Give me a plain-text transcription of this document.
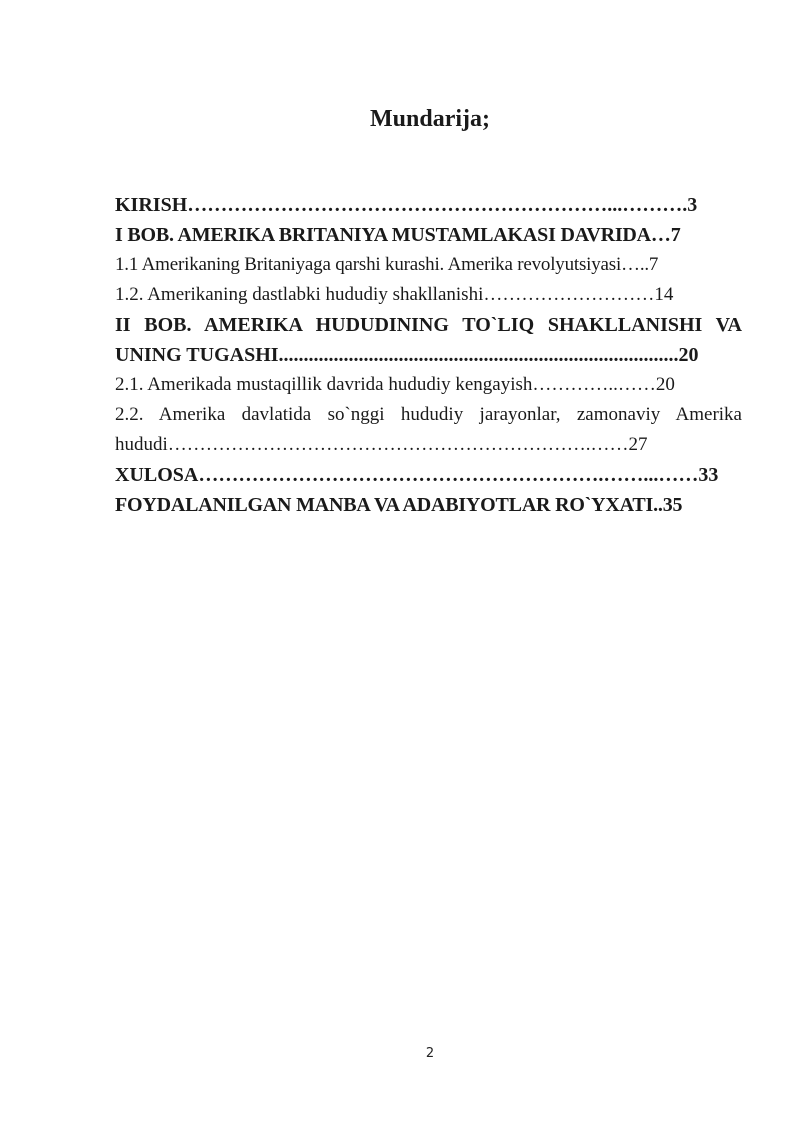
Mundarija;
KIRISH………………………………………………………...……….3
I BOB. AMERIKA BRITANIYA MUSTAMLAKASI DAVRIDA…7
1.1 Amerikaning Britaniyaga qarshi kurashi. Amerika revolyutsiyasi…..7
1.2. Amerikaning dastlabki hududiy shakllanishi………………………14
II BOB. AMERIKA HUDUDINING TO`LIQ SHAKLLANISHI VA
UNING TUGASHI................................................................................20
2.1. Amerikada mustaqillik davrida hududiy kengayish…………..……20
2.2. Amerika davlatida so`nggi hududiy jarayonlar, zamonaviy Amerika
hududi………………………………………………………….……27
XULOSA…………………………………………………….……...……33
FOYDALANILGAN MANBA VA ADABIYOTLAR RO`YXATI..35
2
